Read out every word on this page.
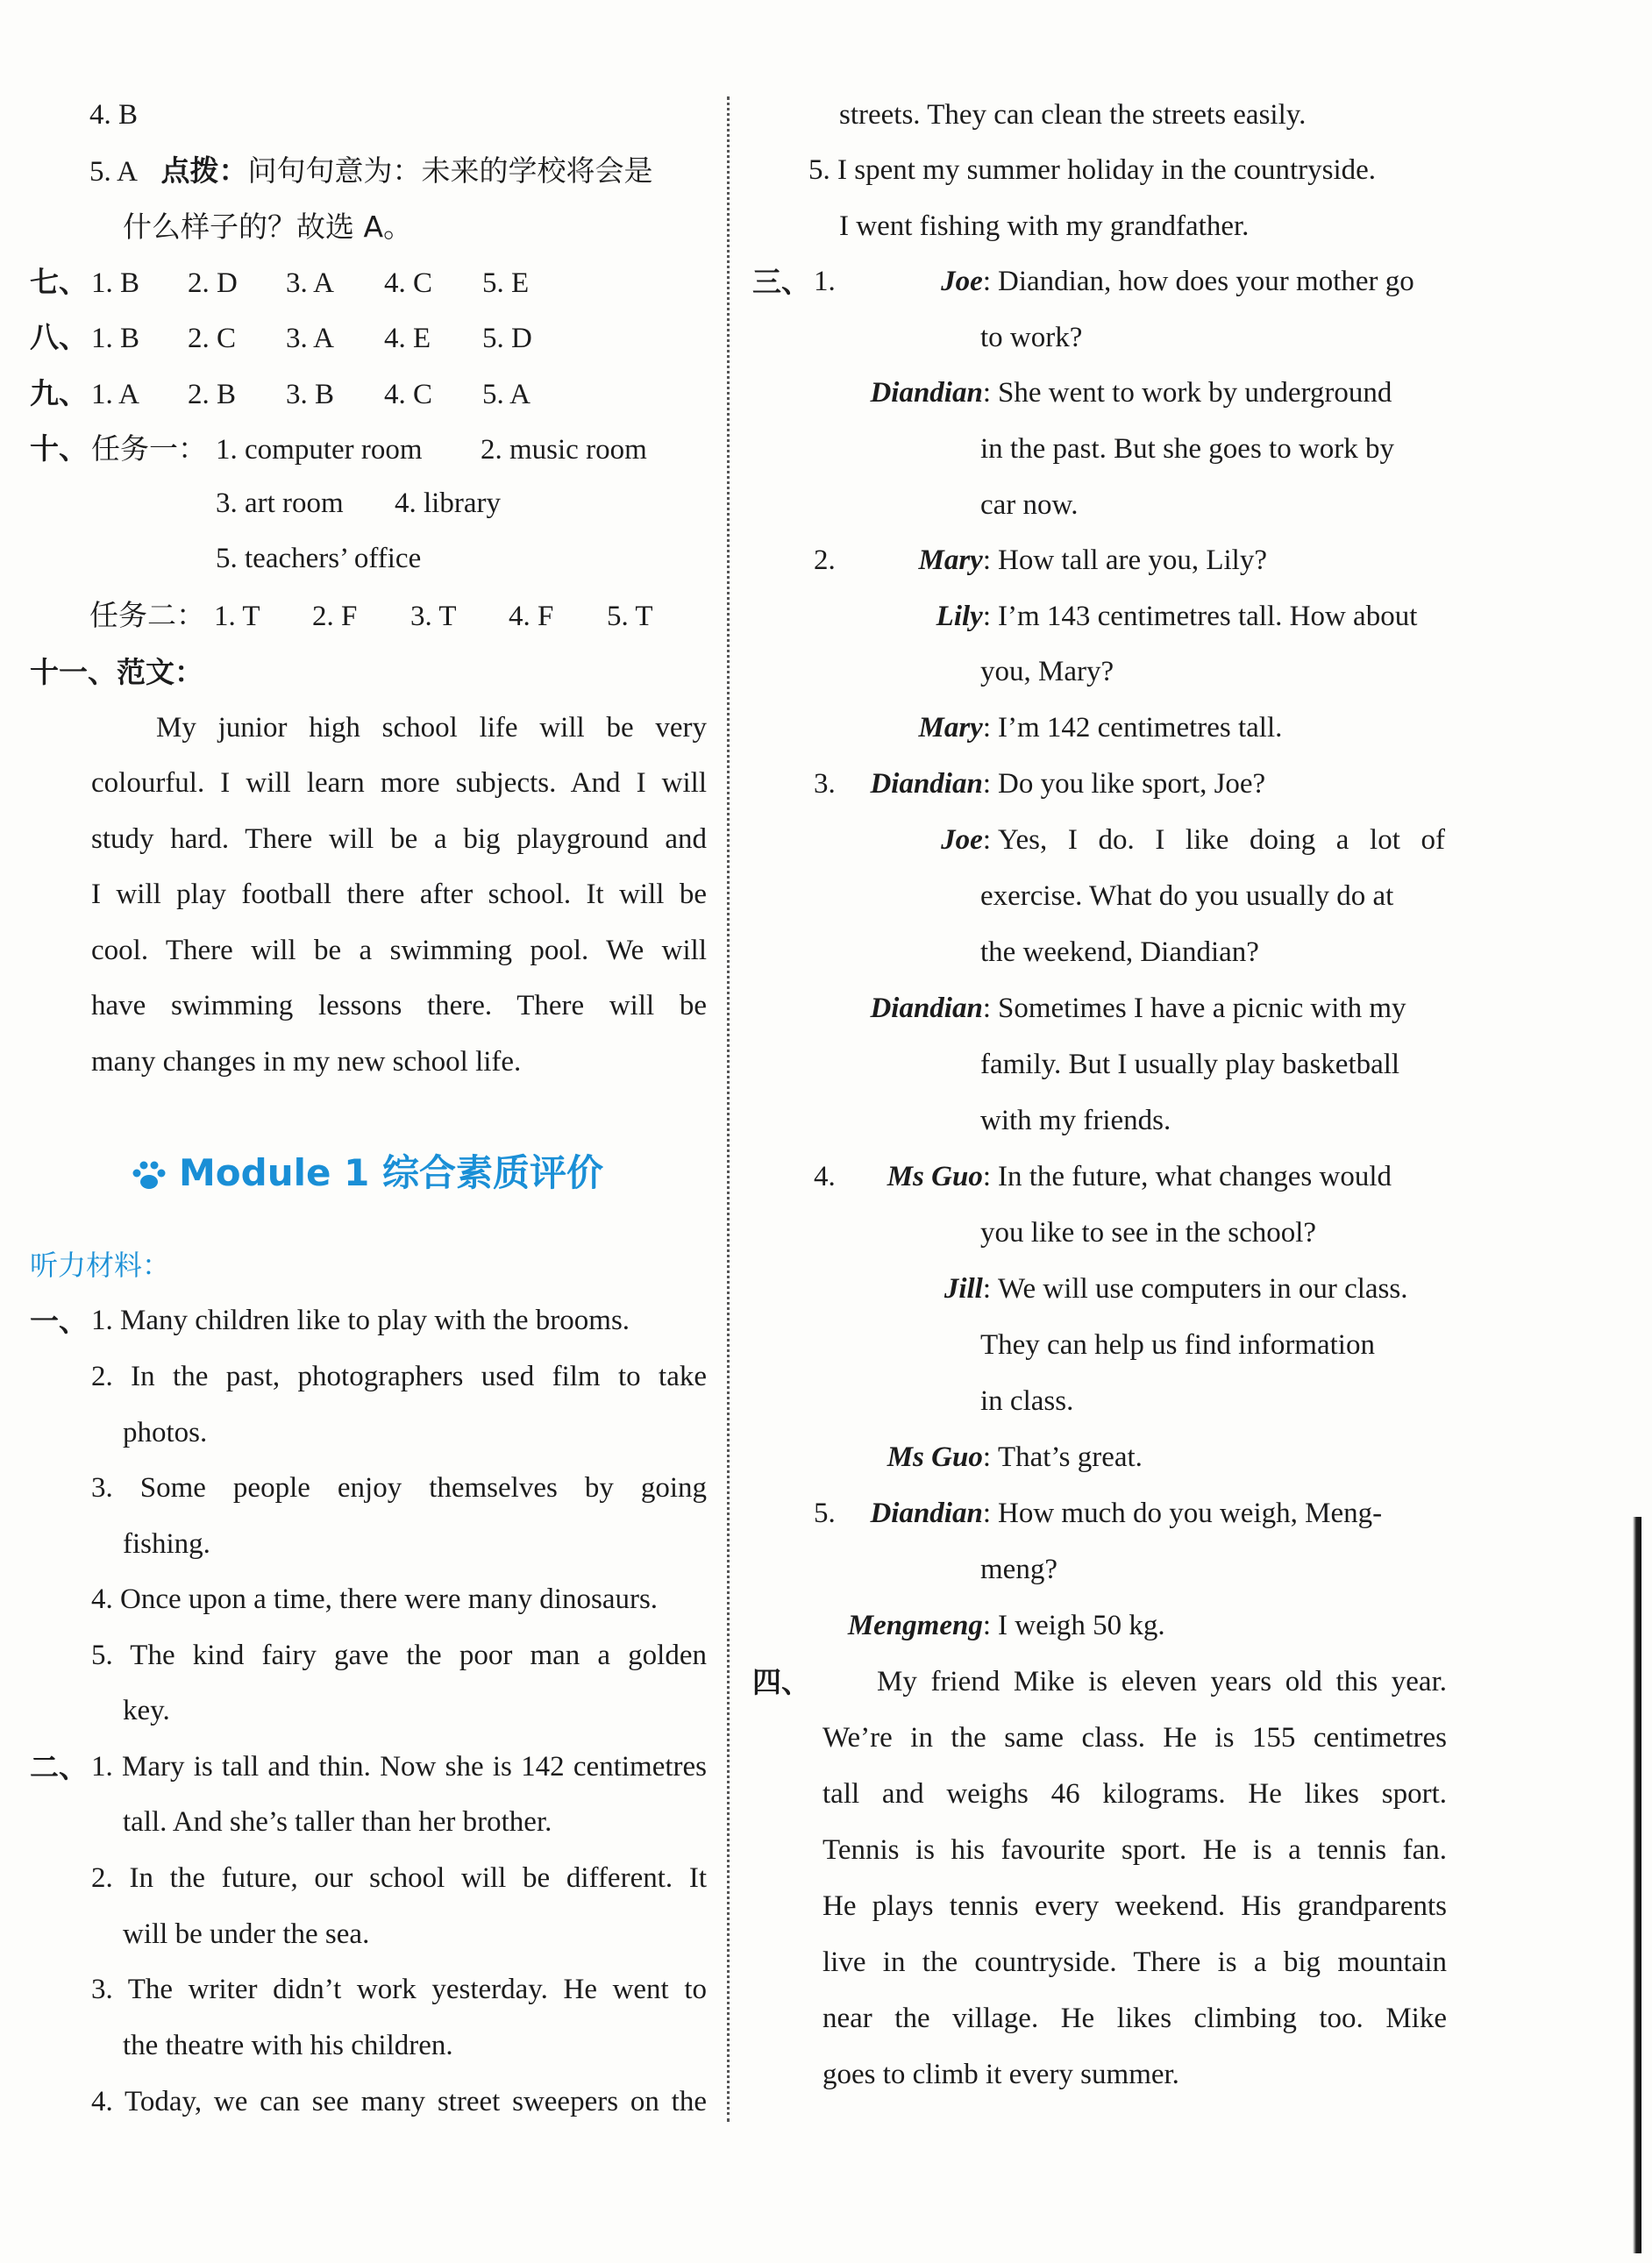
4. B
5. A 点拨：问句句意为：未来的学校将会是
什么样子的？故选 A。
七、 1. B 2. D 3. A 4. C 5. E
八、 1. B 2. C 3. A 4. E 5. D
九、 1. A 2. B 3. B 4. C 5. A
十、 任务一： 1. computer room 2. music room
3. art room 4. library
5. teachers’ office
任务二： 1. T 2. F 3. T 4. F 5. T
十一、范文：
My junior high school life will be very
colourful. I will learn more subjects. And I will
study hard. There will be a big playground and
I will play football there after school. It will be
cool. There will be a swimming pool. We will
have swimming lessons there. There will be
many changes in my new school life.
Module 1 综合素质评价
听力材料：
一、 1. Many children like to play with the brooms.
2. In the past, photographers used film to take
photos.
3. Some people enjoy themselves by going
fishing.
4. Once upon a time, there were many dinosaurs.
5. The kind fairy gave the poor man a golden
key.
二、 1. Mary is tall and thin. Now she is 142 centimetres
tall. And she’s taller than her brother.
2. In the future, our school will be different. It
will be under the sea.
3. The writer didn’t work yesterday. He went to
the theatre with his children.
4. Today, we can see many street sweepers on the
streets. They can clean the streets easily.
5. I spent my summer holiday in the countryside.
I went fishing with my grandfather.
三、 1.	Joe: Diandian, how does your mother go
to work?
Diandian: She went to work by underground
in the past. But she goes to work by
car now.
2.	Mary: How tall are you, Lily?
Lily: I’m 143 centimetres tall. How about
you, Mary?
Mary: I’m 142 centimetres tall.
3. Diandian: Do you like sport, Joe?
Joe: Yes, I do. I like doing a lot of
exercise. What do you usually do at
the weekend, Diandian?
Diandian: Sometimes I have a picnic with my
family. But I usually play basketball
with my friends.
4. Ms Guo: In the future, what changes would
you like to see in the school?
Jill: We will use computers in our class.
They can help us find information
in class.
Ms Guo: That’s great.
5. Diandian: How much do you weigh, Meng-
meng?
Mengmeng: I weigh 50 kg.
四、 My friend Mike is eleven years old this year.
We’re in the same class. He is 155 centimetres
tall and weighs 46 kilograms. He likes sport.
Tennis is his favourite sport. He is a tennis fan.
He plays tennis every weekend. His grandparents
live in the countryside. There is a big mountain
near the village. He likes climbing too. Mike
goes to climb it every summer.
